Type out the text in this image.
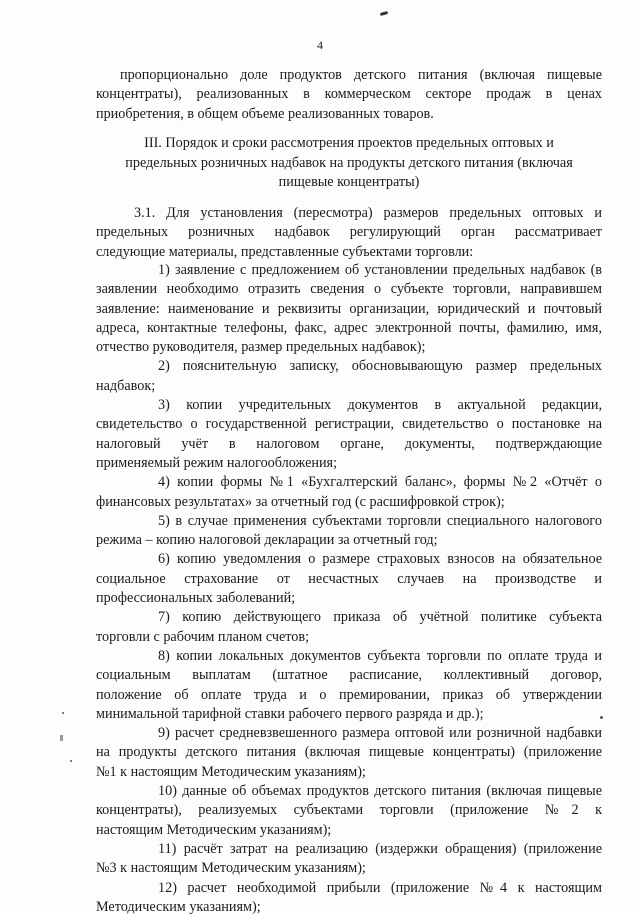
4
пропорционально доле продуктов детского питания (включая пищевые
концентраты), реализованных в коммерческом секторе продаж в ценах
приобретения, в общем объеме реализованных товаров.
III. Порядок и сроки рассмотрения проектов предельных оптовых и
предельных розничных надбавок на продукты детского питания (включая
пищевые концентраты)
3.1. Для установления (пересмотра) размеров предельных оптовых и
предельных розничных надбавок регулирующий орган рассматривает
следующие материалы, представленные субъектами торговли:
1) заявление с предложением об установлении предельных надбавок (в
заявлении необходимо отразить сведения о субъекте торговли, направившем
заявление: наименование и реквизиты организации, юридический и почтовый
адреса, контактные телефоны, факс, адрес электронной почты, фамилию, имя,
отчество руководителя, размер предельных надбавок);
2) пояснительную записку, обосновывающую размер предельных
надбавок;
3) копии учредительных документов в актуальной редакции,
свидетельство о государственной регистрации, свидетельство о постановке на
налоговый учёт в налоговом органе, документы, подтверждающие
применяемый режим налогообложения;
4) копии формы №1 «Бухгалтерский баланс», формы №2 «Отчёт о
финансовых результатах» за отчетный год (с расшифровкой строк);
5) в случае применения субъектами торговли специального налогового
режима – копию налоговой декларации за отчетный год;
6) копию уведомления о размере страховых взносов на обязательное
социальное страхование от несчастных случаев на производстве и
профессиональных заболеваний;
7) копию действующего приказа об учётной политике субъекта
торговли с рабочим планом счетов;
8) копии локальных документов субъекта торговли по оплате труда и
социальным выплатам (штатное расписание, коллективный договор,
положение об оплате труда и о премировании, приказ об утверждении
минимальной тарифной ставки рабочего первого разряда и др.);
9) расчет средневзвешенного размера оптовой или розничной надбавки
на продукты детского питания (включая пищевые концентраты) (приложение
№1 к настоящим Методическим указаниям);
10) данные об объемах продуктов детского питания (включая пищевые
концентраты), реализуемых субъектами торговли (приложение №2 к
настоящим Методическим указаниям);
11) расчёт затрат на реализацию (издержки обращения) (приложение
№3 к настоящим Методическим указаниям);
12) расчет необходимой прибыли (приложение №4 к настоящим
Методическим указаниям);
